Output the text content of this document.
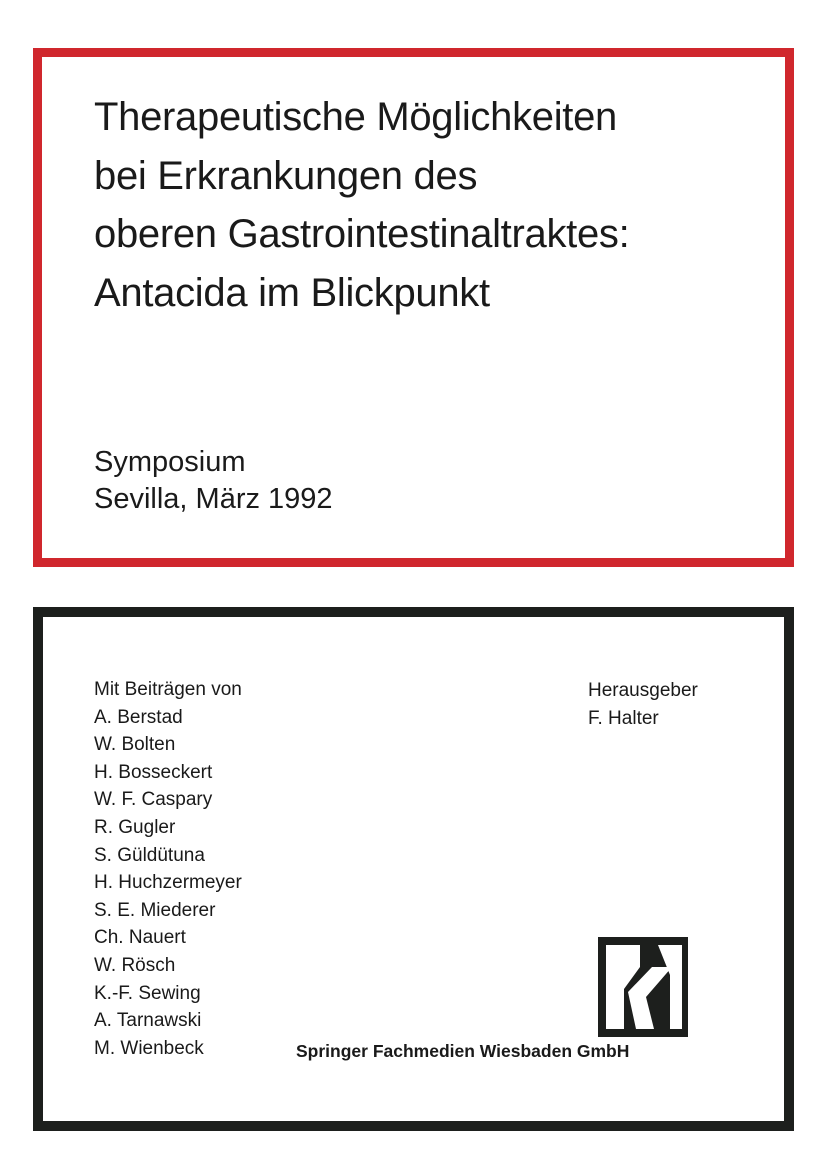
Therapeutische Möglichkeiten
bei Erkrankungen des
oberen Gastrointestinaltraktes:
Antacida im Blickpunkt
Symposium
Sevilla, März 1992
Mit Beiträgen von
A. Berstad
W. Bolten
H. Bosseckert
W. F. Caspary
R. Gugler
S. Güldütuna
H. Huchzermeyer
S. E. Miederer
Ch. Nauert
W. Rösch
K.-F. Sewing
A. Tarnawski
M. Wienbeck
Herausgeber
F. Halter
Springer Fachmedien Wiesbaden GmbH
